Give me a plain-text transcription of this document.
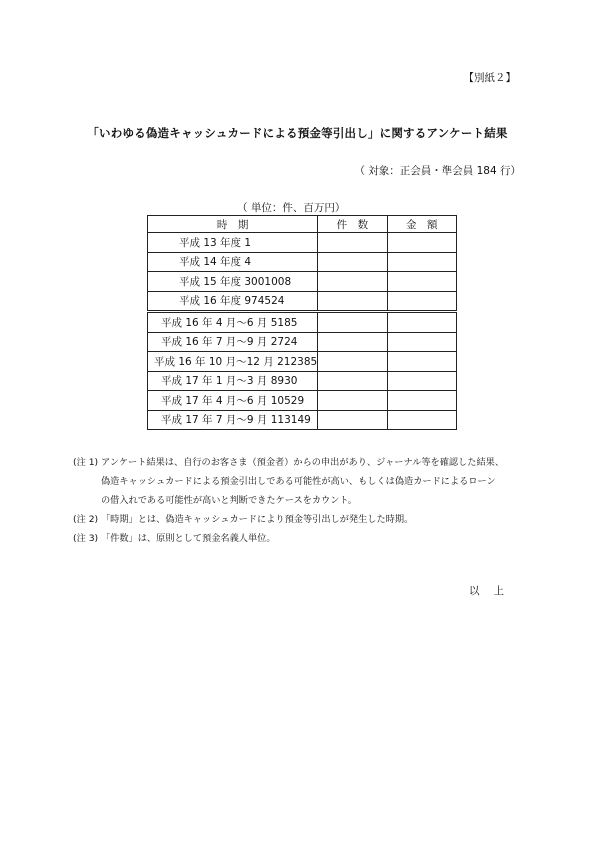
【別紙２】
「いわゆる偽造キャッシュカードによる預金等引出し」に関するアンケート結果
（ 対象：正会員・準会員 184 行）
（ 単位：件、百万円）
時　期	件　数	金　額
平成 13 年度 1		
平成 14 年度 4		
平成 15 年度 3001008		
平成 16 年度 974524		
平成 16 年 4 月～6 月 5185		
平成 16 年 7 月～9 月 2724		
平成 16 年 10 月～12 月 212385		
平成 17 年 1 月～3 月 8930		
平成 17 年 4 月～6 月 10529		
平成 17 年 7 月～9 月 113149		
(注 1) アンケート結果は、自行のお客さま（預金者）からの申出があり、ジャーナル等を確認した結果、
偽造キャッシュカードによる預金引出しである可能性が高い、もしくは偽造カードによるローン
の借入れである可能性が高いと判断できたケースをカウント。
(注 2) 「時期」とは、偽造キャッシュカードにより預金等引出しが発生した時期。
(注 3) 「件数」は、原則として預金名義人単位。
以上
